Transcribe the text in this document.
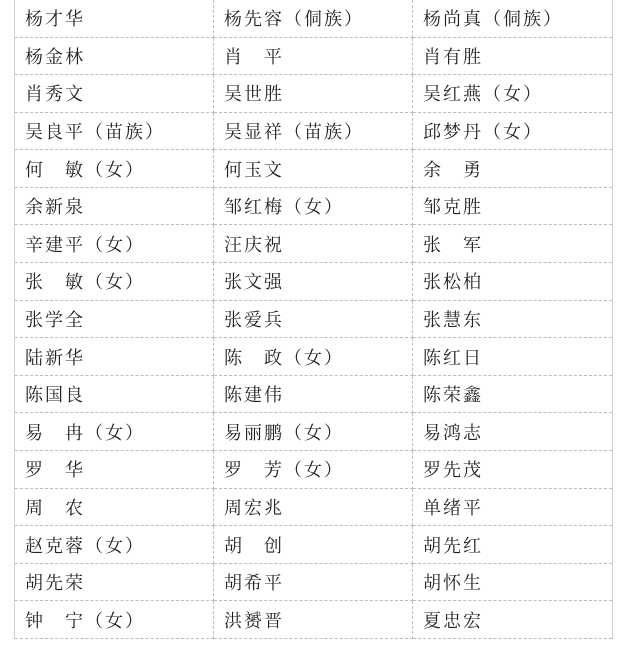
杨才华	杨先容（侗族）	杨尚真（侗族）
杨金林	肖　平	肖有胜
肖秀文	吴世胜	吴红燕（女）
吴良平（苗族）	吴显祥（苗族）	邱梦丹（女）
何　敏（女）	何玉文	余　勇
余新泉	邹红梅（女）	邹克胜
辛建平（女）	汪庆祝	张　军
张　敏（女）	张文强	张松柏
张学全	张爱兵	张慧东
陆新华	陈　政（女）	陈红日
陈国良	陈建伟	陈荣鑫
易　冉（女）	易丽鹏（女）	易鸿志
罗　华	罗　芳（女）	罗先茂
周　农	周宏兆	单绪平
赵克蓉（女）	胡　创	胡先红
胡先荣	胡希平	胡怀生
钟　宁（女）	洪赟晋	夏忠宏
